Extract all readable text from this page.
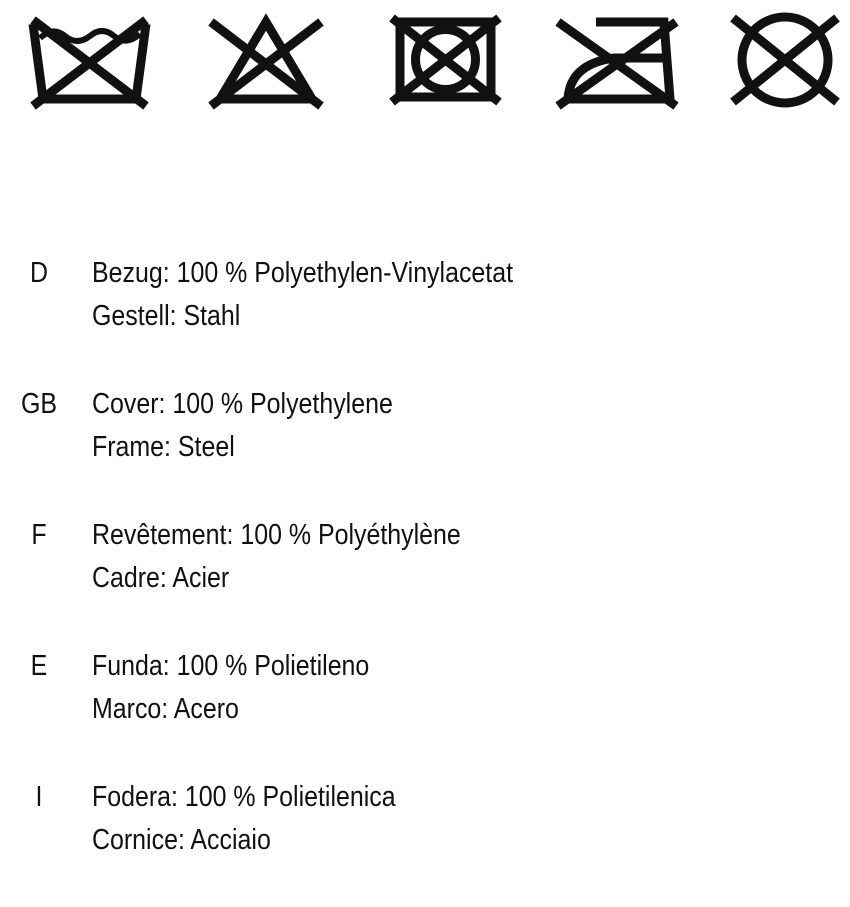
D	Bezug: 100 % Polyethylen-Vinylacetat
Gestell: Stahl
GB Cover: 100 % Polyethylene
Frame: Steel
F	Revêtement: 100 % Polyéthylène
Cadre: Acier
E	Funda: 100 % Polietileno
Marco: Acero
I	Fodera: 100 % Polietilenica
Cornice: Acciaio
